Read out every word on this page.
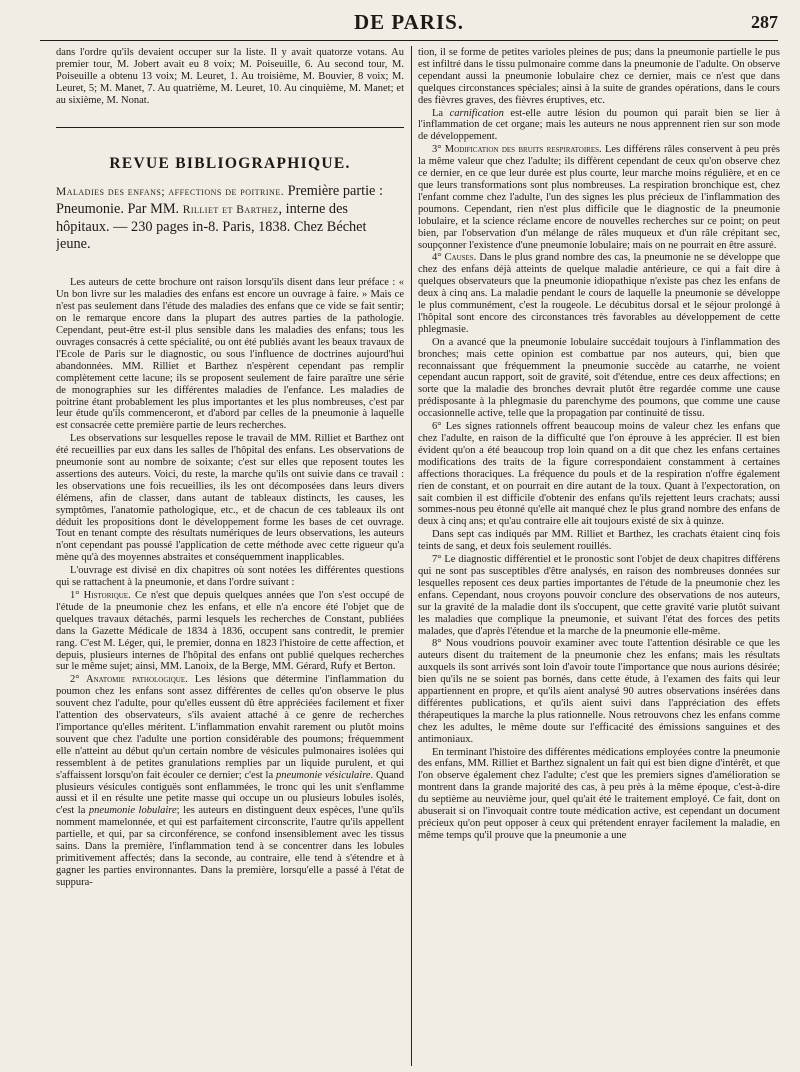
DE PARIS.	287

dans l'ordre qu'ils devaient occuper sur la liste. Il y avait quatorze votans. Au premier tour, M. Jobert avait eu 8 voix; M. Poiseuille, 6. Au second tour, M. Poiseuille a obtenu 13 voix; M. Leuret, 1. Au troisième, M. Bouvier, 8 voix; M. Leuret, 5; M. Manet, 7. Au quatrième, M. Leuret, 10. Au cinquième, M. Manet; et au sixième, M. Nonat.

REVUE BIBLIOGRAPHIQUE.

Maladies des enfans; affections de poitrine. Première partie : Pneumonie. Par MM. Rilliet et Barthez, interne des hôpitaux. — 230 pages in-8. Paris, 1838. Chez Béchet jeune.

Les auteurs de cette brochure ont raison lorsqu'ils disent dans leur préface : « Un bon livre sur les maladies des enfans est encore un ouvrage à faire. » Mais ce n'est pas seulement dans l'étude des maladies des enfans que ce vide se fait sentir; on le remarque encore dans la plupart des autres parties de la pathologie. Cependant, peut-être est-il plus sensible dans les maladies des enfans; tous les ouvrages consacrés à cette spécialité, ou ont été publiés avant les beaux travaux de l'Ecole de Paris sur le diagnostic, ou sous l'influence de doctrines aujourd'hui abandonnées. MM. Rilliet et Barthez n'espèrent cependant pas remplir complètement cette lacune; ils se proposent seulement de faire paraître une série de monographies sur les différentes maladies de l'enfance. Les maladies de poitrine étant probablement les plus importantes et les plus nombreuses, c'est par leur étude qu'ils commenceront, et d'abord par celles de la pneumonie à laquelle est consacrée cette première partie de leurs recherches.

Les observations sur lesquelles repose le travail de MM. Rilliet et Barthez ont été recueillies par eux dans les salles de l'hôpital des enfans. Les observations de pneumonie sont au nombre de soixante; c'est sur elles que reposent toutes les assertions des auteurs. Voici, du reste, la marche qu'ils ont suivie dans ce travail : les observations une fois recueillies, ils les ont décomposées dans leurs divers élémens, afin de classer, dans autant de tableaux distincts, les causes, les symptômes, l'anatomie pathologique, etc., et de chacun de ces tableaux ils ont déduit les propositions dont le développement forme les bases de cet ouvrage. Tout en tenant compte des résultats numériques de leurs observations, les auteurs n'ont cependant pas poussé l'application de cette méthode avec cette rigueur qu'a mène qu'à des moyennes abstraites et conséquemment inapplicables.

L'ouvrage est divisé en dix chapitres où sont notées les différentes questions qui se rattachent à la pneumonie, et dans l'ordre suivant :

1° Historique. Ce n'est que depuis quelques années que l'on s'est occupé de l'étude de la pneumonie chez les enfans, et elle n'a encore été l'objet que de quelques travaux détachés, parmi lesquels les recherches de Constant, publiées dans la Gazette Médicale de 1834 à 1836, occupent sans contredit, le premier rang. C'est M. Léger, qui, le premier, donna en 1823 l'histoire de cette affection, et depuis, plusieurs internes de l'hôpital des enfans ont publié quelques recherches sur le même sujet; ainsi, MM. Lanoix, de la Berge, MM. Gérard, Rufy et Berton.

2° Anatomie pathologique. Les lésions que détermine l'inflammation du poumon chez les enfans sont assez différentes de celles qu'on observe le plus souvent chez l'adulte, pour qu'elles eussent dû être appréciées facilement et fixer l'attention des observateurs, s'ils avaient attaché à ce genre de recherches l'importance qu'elles méritent. L'inflammation envahit rarement ou plutôt moins souvent que chez l'adulte une portion considérable des poumons; fréquemment elle n'atteint au début qu'un certain nombre de vésicules pulmonaires isolées qui ressemblent à de petites granulations remplies par un liquide purulent, et qui s'affaissent lorsqu'on fait écouler ce dernier; c'est la pneumonie vésiculaire. Quand plusieurs vésicules contiguës sont enflammées, le tronc qui les unit s'enflamme aussi et il en résulte une petite masse qui occupe un ou plusieurs lobules isolés, c'est la pneumonie lobulaire; les auteurs en distinguent deux espèces, l'une qu'ils nomment mamelonnée, et qui est parfaitement circonscrite, l'autre qu'ils appellent partielle, et qui, par sa circonférence, se confond insensiblement avec les tissus sains. Dans la première, l'inflammation tend à se concentrer dans les lobules primitivement affectés; dans la seconde, au contraire, elle tend à s'étendre et à gagner les parties environnantes. Dans la première, lorsqu'elle a passé à l'état de suppura-

tion, il se forme de petites varioles pleines de pus; dans la pneumonie partielle le pus est infiltré dans le tissu pulmonaire comme dans la pneumonie de l'adulte. On observe cependant aussi la pneumonie lobulaire chez ce dernier, mais ce n'est que dans quelques circonstances spéciales; ainsi à la suite de grandes opérations, dans le cours des fièvres graves, des fièvres éruptives, etc.

La carnification est-elle autre lésion du poumon qui parait bien se lier à l'inflammation de cet organe; mais les auteurs ne nous apprennent rien sur son mode de développement.

3° Modification des bruits respiratoires. Les différens râles conservent à peu près la même valeur que chez l'adulte; ils diffèrent cependant de ceux qu'on observe chez ce dernier, en ce que leur durée est plus courte, leur marche moins régulière, et en ce que leurs transformations sont plus nombreuses. La respiration bronchique est, chez l'enfant comme chez l'adulte, l'un des signes les plus précieux de l'inflammation des poumons. Cependant, rien n'est plus difficile que le diagnostic de la pneumonie lobulaire, et la science réclame encore de nouvelles recherches sur ce point; on peut bien, par l'observation d'un mélange de râles muqueux et d'un râle crépitant sec, soupçonner l'existence d'une pneumonie lobulaire; mais on ne pourrait en être assuré.

4° Causes. Dans le plus grand nombre des cas, la pneumonie ne se développe que chez des enfans déjà atteints de quelque maladie antérieure, ce qui a fait dire à quelques observateurs que la pneumonie idiopathique n'existe pas chez les enfans de deux à cinq ans. La maladie pendant le cours de laquelle la pneumonie se développe le plus communément, c'est la rougeole. Le décubitus dorsal et le séjour prolongé à l'hôpital sont encore des circonstances très favorables au développement de cette phlegmasie.

On a avancé que la pneumonie lobulaire succédait toujours à l'inflammation des bronches; mais cette opinion est combattue par nos auteurs, qui, bien que reconnaissant que fréquemment la pneumonie succède au catarrhe, ne voient cependant aucun rapport, soit de gravité, soit d'étendue, entre ces deux affections; en sorte que la maladie des bronches devrait plutôt être regardée comme une cause prédisposante à la phlegmasie du parenchyme des poumons, que comme une cause occasionnelle active, telle que la propagation par continuité de tissu.

6° Les signes rationnels offrent beaucoup moins de valeur chez les enfans que chez l'adulte, en raison de la difficulté que l'on éprouve à les apprécier. Il est bien évident qu'on a été beaucoup trop loin quand on a dit que chez les enfans certaines modifications des traits de la figure correspondaient constamment à certaines affections thoraciques. La fréquence du pouls et de la respiration n'offre également rien de constant, et on pourrait en dire autant de la toux. Quant à l'expectoration, on sait combien il est difficile d'obtenir des enfans qu'ils rejettent leurs crachats; aussi sommes-nous peu étonné qu'elle ait manqué chez le plus grand nombre des enfans de deux à cinq ans; et qu'au contraire elle ait toujours existé de six à quinze.

Dans sept cas indiqués par MM. Rilliet et Barthez, les crachats étaient cinq fois teints de sang, et deux fois seulement rouillés.

7° Le diagnostic différentiel et le pronostic sont l'objet de deux chapitres différens qui ne sont pas susceptibles d'être analysés, en raison des nombreuses données sur lesquelles reposent ces deux parties importantes de l'étude de la pneumonie chez les enfans. Cependant, nous croyons pouvoir conclure des observations de nos auteurs, sur la gravité de la maladie dont ils s'occupent, que cette gravité varie plutôt suivant les maladies que complique la pneumonie, et suivant l'état des forces des petits malades, que d'après l'étendue et la marche de la pneumonie elle-même.

8° Nous voudrions pouvoir examiner avec toute l'attention désirable ce que les auteurs disent du traitement de la pneumonie chez les enfans; mais les résultats auxquels ils sont arrivés sont loin d'avoir toute l'importance que nous aurions désirée; bien qu'ils ne se soient pas bornés, dans cette étude, à l'examen des faits qui leur appartiennent en propre, et qu'ils aient analysé 90 autres observations insérées dans différentes publications, et qu'ils aient suivi dans l'appréciation des effets thérapeutiques la marche la plus rationnelle. Nous retrouvons chez les enfans comme chez les adultes, le même doute sur l'efficacité des émissions sanguines et des antimoniaux.

En terminant l'histoire des différentes médications employées contre la pneumonie des enfans, MM. Rilliet et Barthez signalent un fait qui est bien digne d'intérêt, et que l'on observe également chez l'adulte; c'est que les premiers signes d'amélioration se montrent dans la grande majorité des cas, à peu près à la même époque, c'est-à-dire du septième au neuvième jour, quel qu'ait été le traitement employé. Ce fait, dont on abuserait si on l'invoquait contre toute médication active, est cependant un document précieux qu'on peut opposer à ceux qui prétendent enrayer facilement la maladie, en même temps qu'il prouve que la pneumonie a une
